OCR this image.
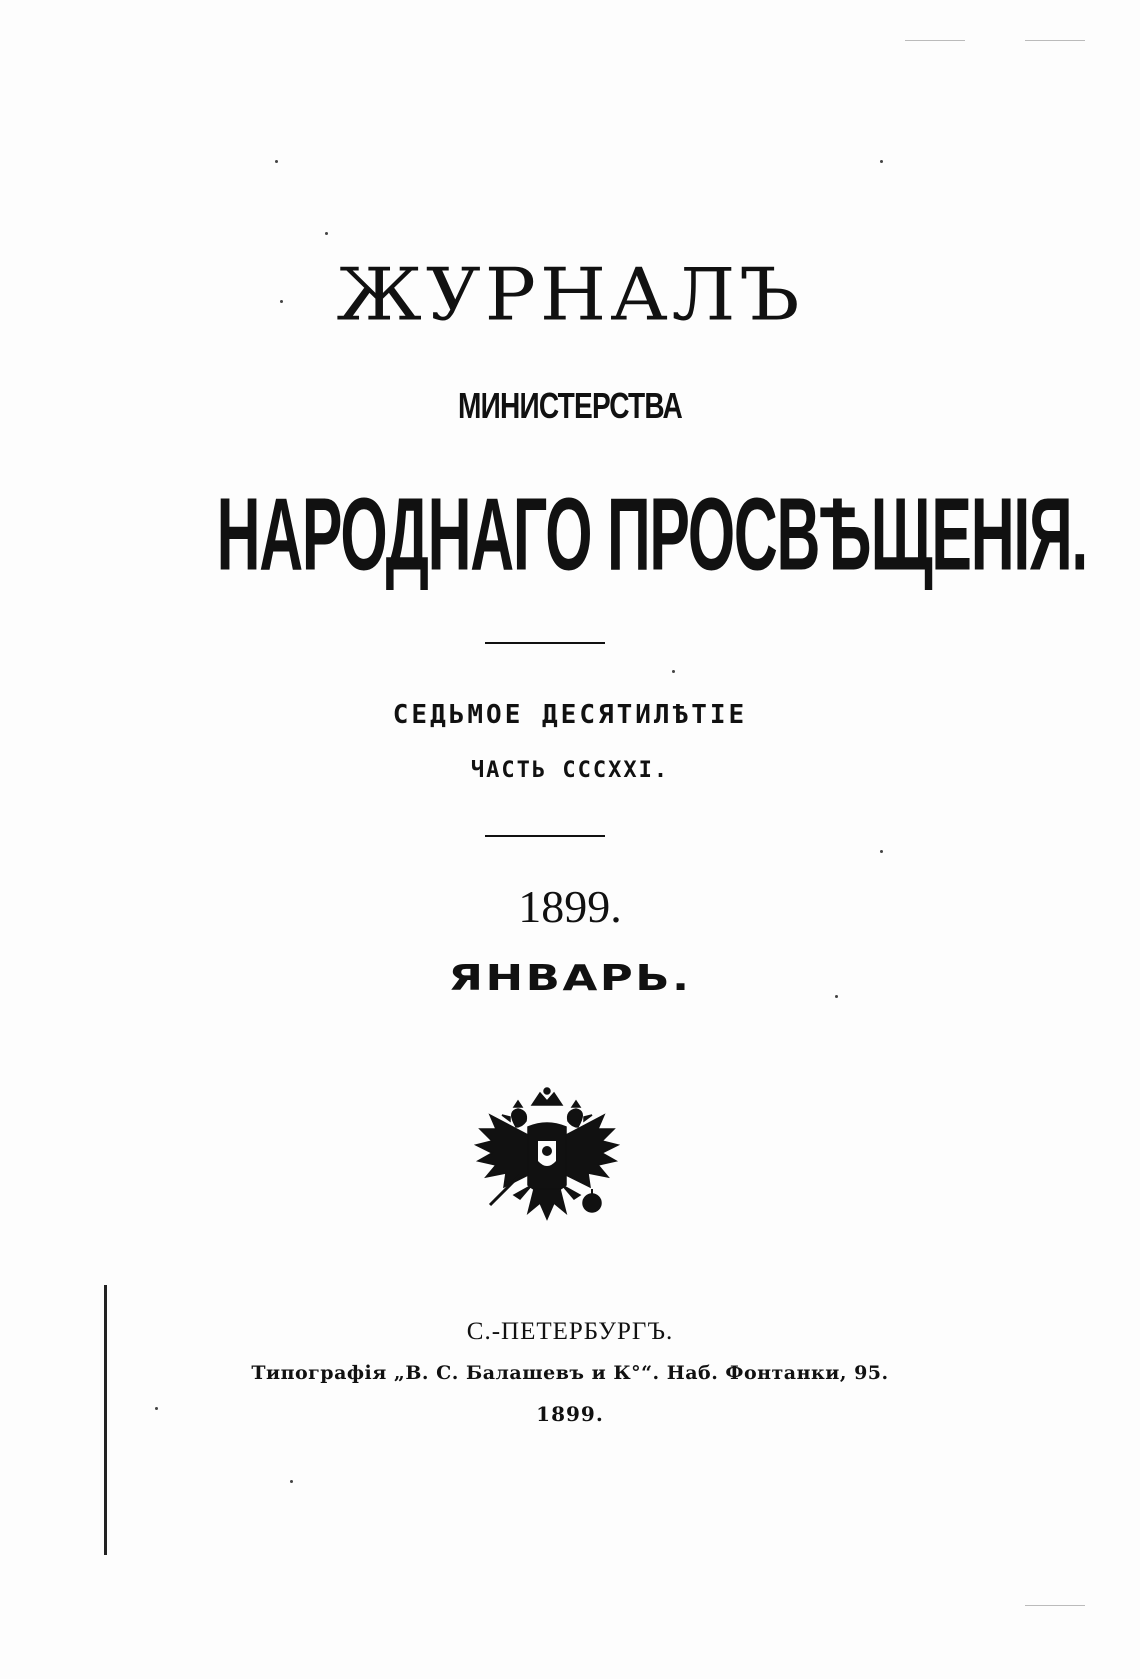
ЖУРНАЛЪ
МИНИСТЕРСТВА
НАРОДНАГО ПРОСВѢЩЕНІЯ.
СЕДЬМОЕ ДЕСЯТИЛѢТІЕ
ЧАСТЬ СССХХІ.
1899.
ЯНВАРЬ.
С.-ПЕТЕРБУРГЪ.
Типографія „В. С. Балашевъ и К°“. Наб. Фонтанки, 95.
1899.
